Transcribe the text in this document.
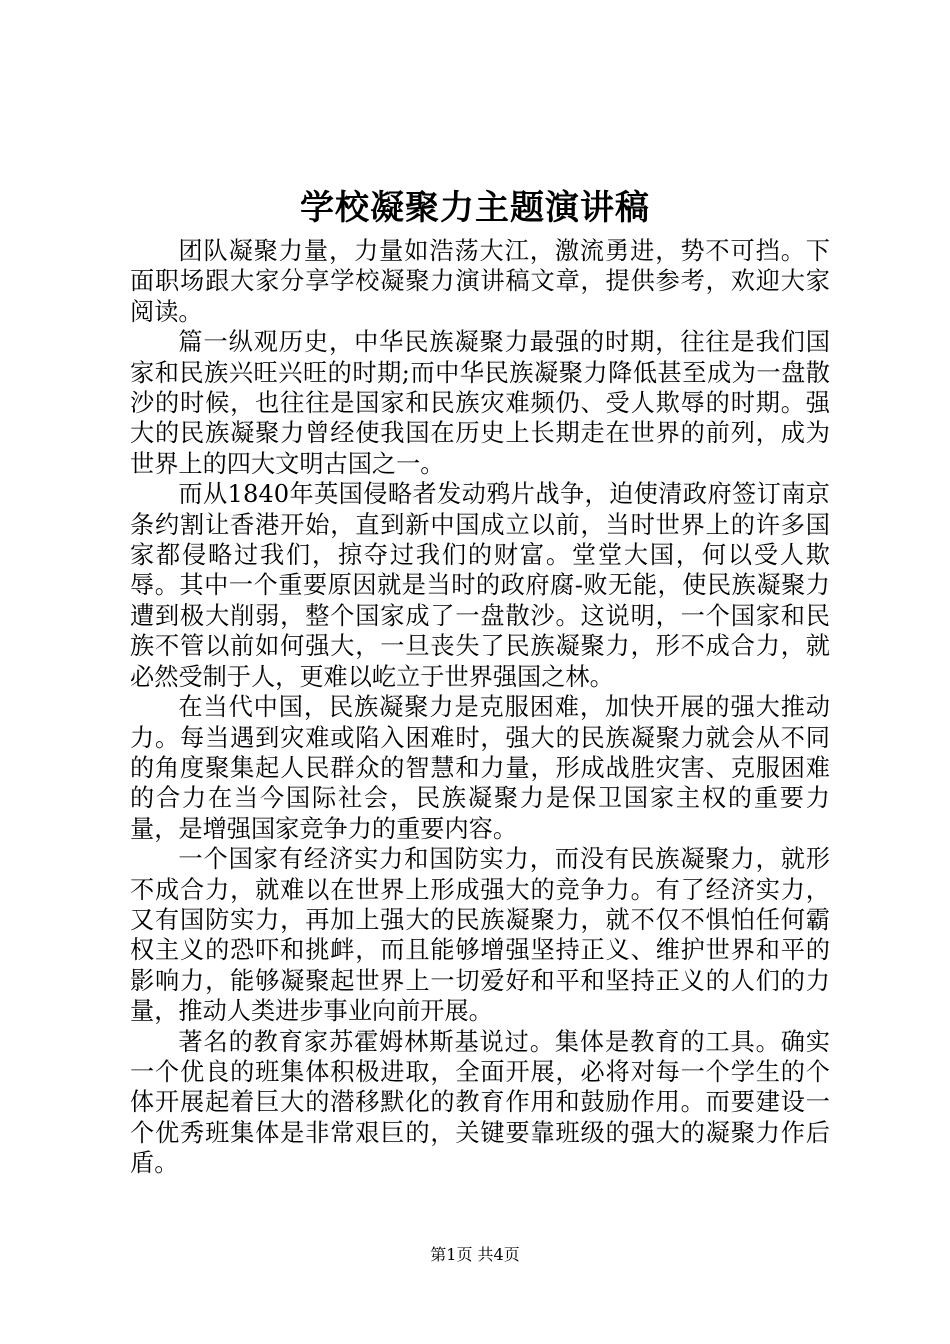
学校凝聚力主题演讲稿

团队凝聚力量，力量如浩荡大江，激流勇进，势不可挡。下面职场跟大家分享学校凝聚力演讲稿文章，提供参考，欢迎大家阅读。

篇一纵观历史，中华民族凝聚力最强的时期，往往是我们国家和民族兴旺兴旺的时期;而中华民族凝聚力降低甚至成为一盘散沙的时候，也往往是国家和民族灾难频仍、受人欺辱的时期。强大的民族凝聚力曾经使我国在历史上长期走在世界的前列，成为世界上的四大文明古国之一。

而从1840年英国侵略者发动鸦片战争，迫使清政府签订南京条约割让香港开始，直到新中国成立以前，当时世界上的许多国家都侵略过我们，掠夺过我们的财富。堂堂大国，何以受人欺辱。其中一个重要原因就是当时的政府腐-败无能，使民族凝聚力遭到极大削弱，整个国家成了一盘散沙。这说明，一个国家和民族不管以前如何强大，一旦丧失了民族凝聚力，形不成合力，就必然受制于人，更难以屹立于世界强国之林。

在当代中国，民族凝聚力是克服困难，加快开展的强大推动力。每当遇到灾难或陷入困难时，强大的民族凝聚力就会从不同的角度聚集起人民群众的智慧和力量，形成战胜灾害、克服困难的合力在当今国际社会，民族凝聚力是保卫国家主权的重要力量，是增强国家竞争力的重要内容。

一个国家有经济实力和国防实力，而没有民族凝聚力，就形不成合力，就难以在世界上形成强大的竞争力。有了经济实力，又有国防实力，再加上强大的民族凝聚力，就不仅不惧怕任何霸权主义的恐吓和挑衅，而且能够增强坚持正义、维护世界和平的影响力，能够凝聚起世界上一切爱好和平和坚持正义的人们的力量，推动人类进步事业向前开展。

著名的教育家苏霍姆林斯基说过。集体是教育的工具。确实一个优良的班集体积极进取，全面开展，必将对每一个学生的个体开展起着巨大的潜移默化的教育作用和鼓励作用。而要建设一个优秀班集体是非常艰巨的，关键要靠班级的强大的凝聚力作后盾。

第1页 共4页
